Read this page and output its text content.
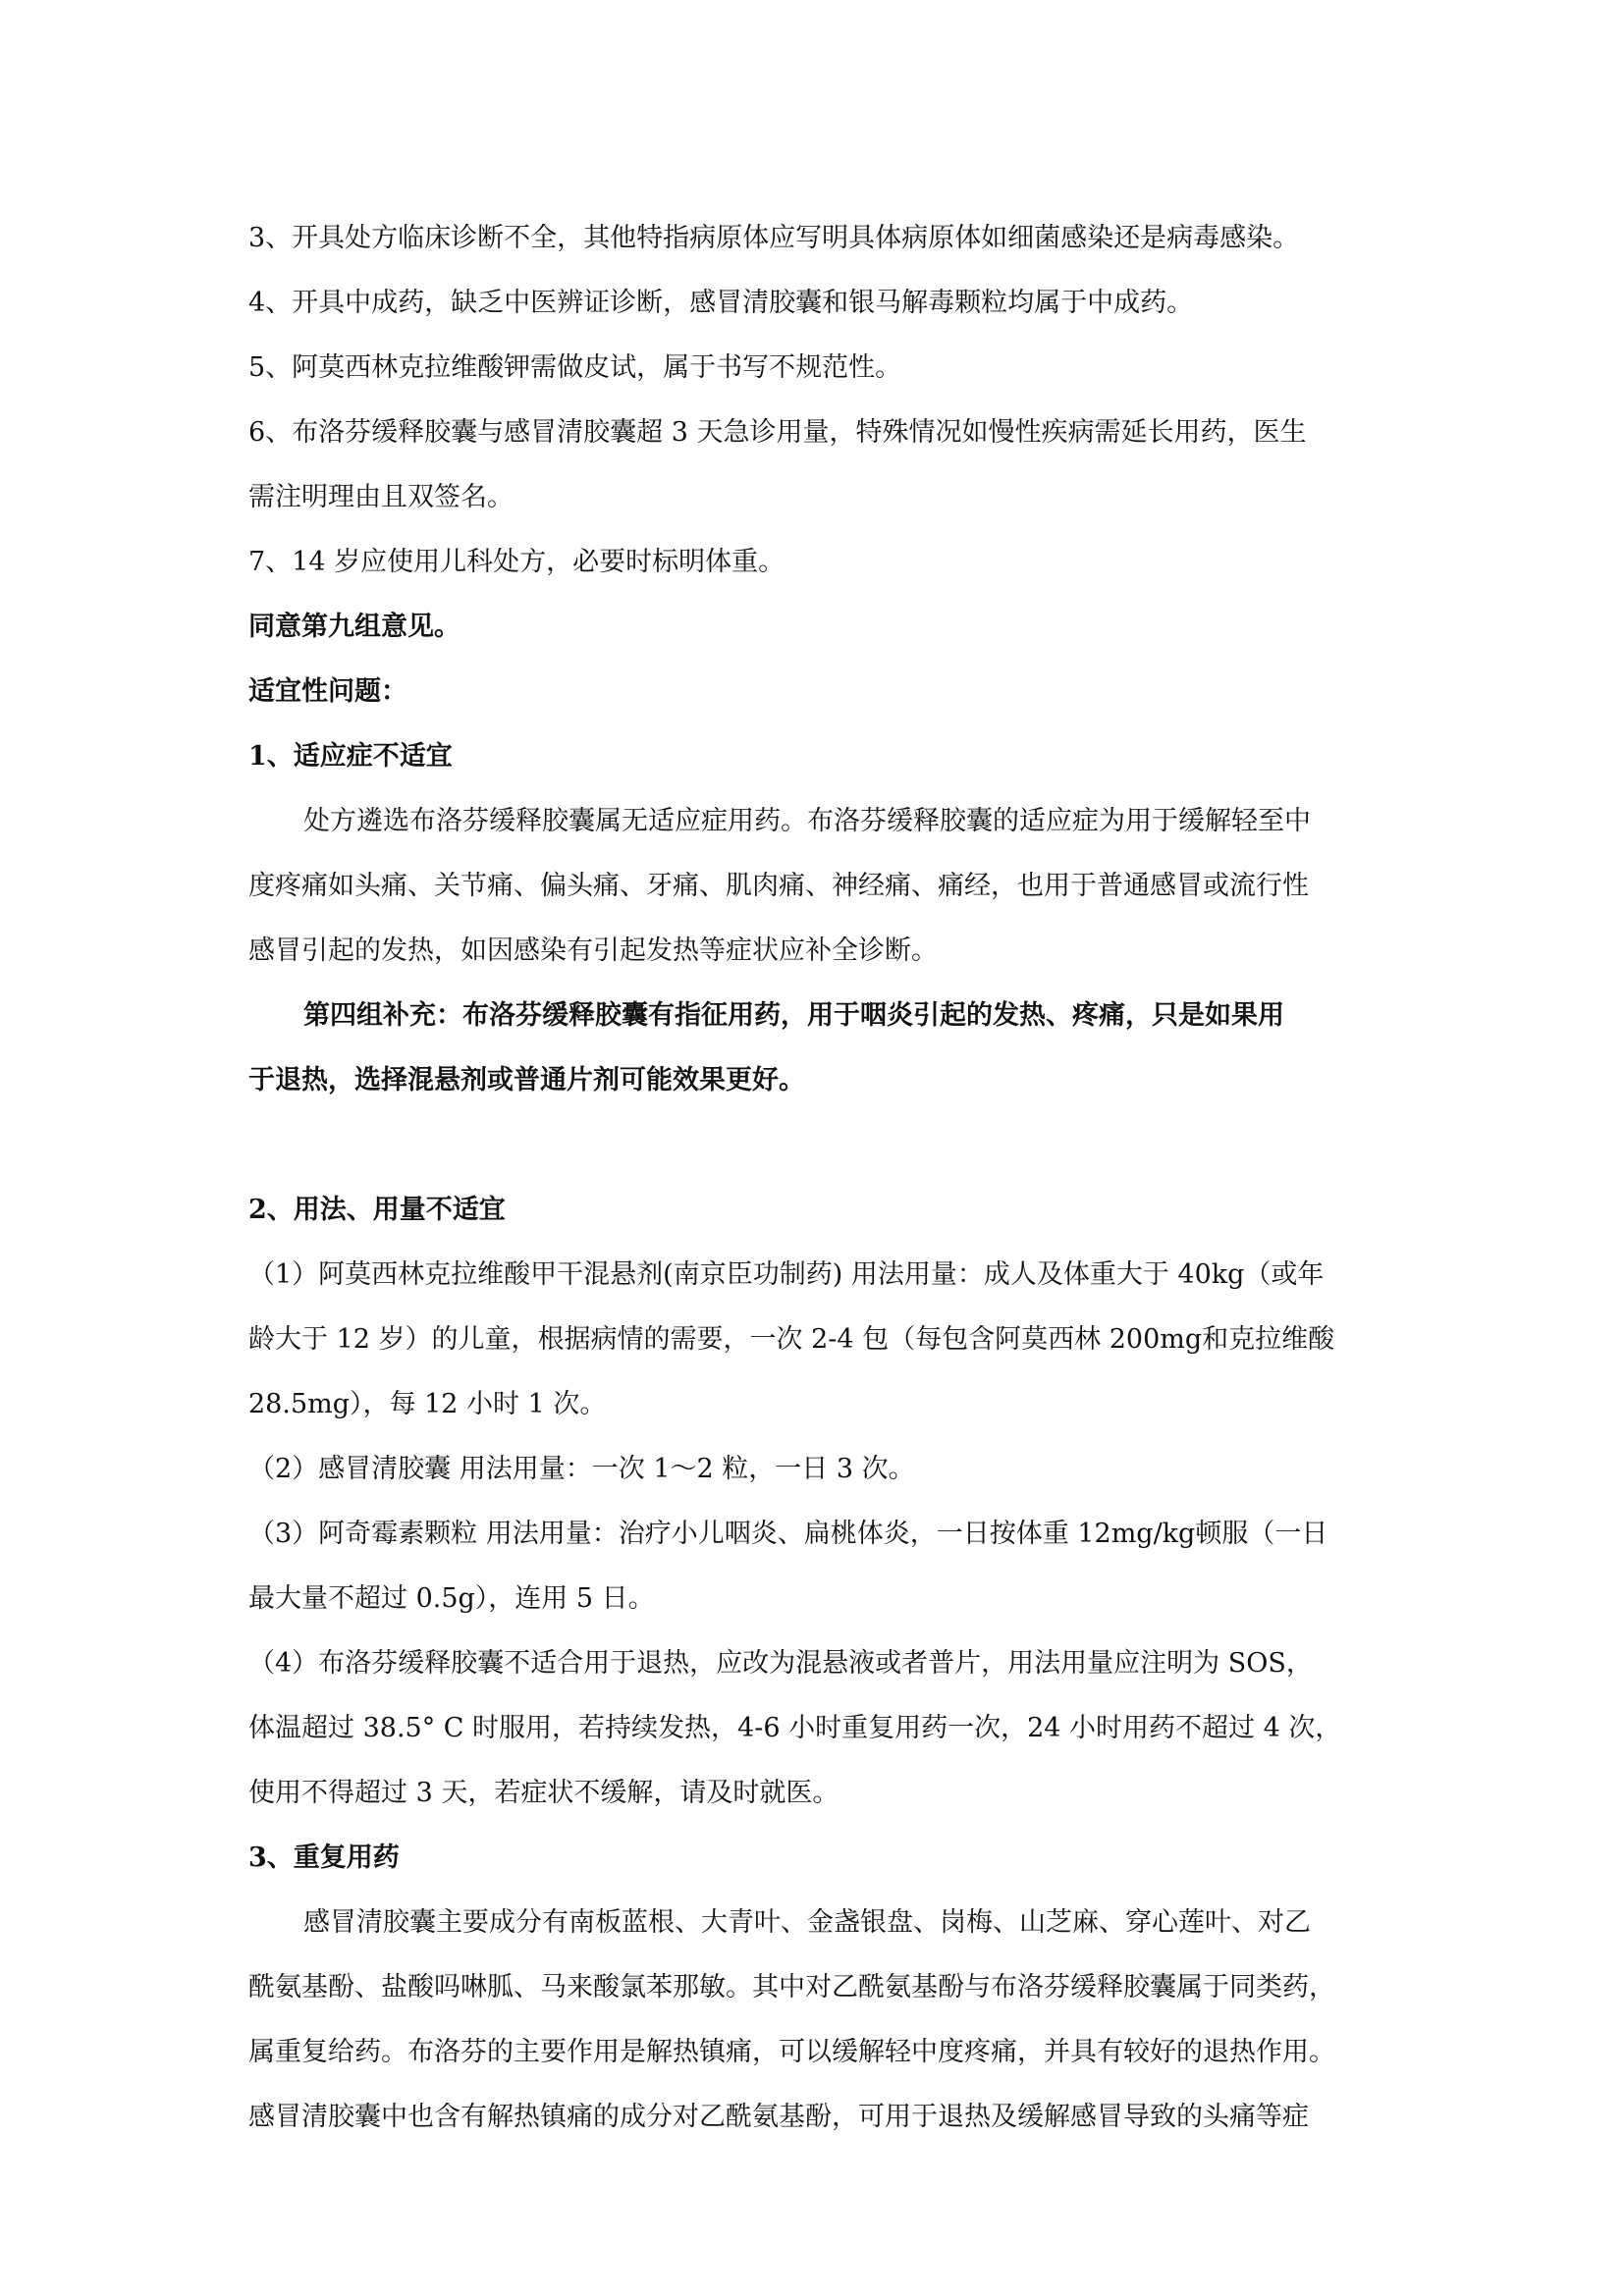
3、开具处方临床诊断不全，其他特指病原体应写明具体病原体如细菌感染还是病毒感染。

4、开具中成药，缺乏中医辨证诊断，感冒清胶囊和银马解毒颗粒均属于中成药。

5、阿莫西林克拉维酸钾需做皮试，属于书写不规范性。

6、布洛芬缓释胶囊与感冒清胶囊超 3 天急诊用量，特殊情况如慢性疾病需延长用药，医生

需注明理由且双签名。

7、14 岁应使用儿科处方，必要时标明体重。

同意第九组意见。

适宜性问题：

1、适应症不适宜

处方遴选布洛芬缓释胶囊属无适应症用药。布洛芬缓释胶囊的适应症为用于缓解轻至中

度疼痛如头痛、关节痛、偏头痛、牙痛、肌肉痛、神经痛、痛经，也用于普通感冒或流行性

感冒引起的发热，如因感染有引起发热等症状应补全诊断。

第四组补充：布洛芬缓释胶囊有指征用药，用于咽炎引起的发热、疼痛，只是如果用

于退热，选择混悬剂或普通片剂可能效果更好。

2、用法、用量不适宜

（1）阿莫西林克拉维酸甲干混悬剂(南京臣功制药) 用法用量：成人及体重大于 40kg（或年

龄大于 12 岁）的儿童，根据病情的需要，一次 2-4 包（每包含阿莫西林 200mg和克拉维酸

28.5mg），每 12 小时 1 次。

（2）感冒清胶囊 用法用量：一次 1～2 粒，一日 3 次。

（3）阿奇霉素颗粒 用法用量：治疗小儿咽炎、扁桃体炎，一日按体重 12mg/kg顿服（一日

最大量不超过 0.5g），连用 5 日。

（4）布洛芬缓释胶囊不适合用于退热，应改为混悬液或者普片，用法用量应注明为 SOS，

体温超过 38.5° C 时服用，若持续发热，4-6 小时重复用药一次，24 小时用药不超过 4 次，

使用不得超过 3 天，若症状不缓解，请及时就医。

3、重复用药

感冒清胶囊主要成分有南板蓝根、大青叶、金盏银盘、岗梅、山芝麻、穿心莲叶、对乙

酰氨基酚、盐酸吗啉胍、马来酸氯苯那敏。其中对乙酰氨基酚与布洛芬缓释胶囊属于同类药，

属重复给药。布洛芬的主要作用是解热镇痛，可以缓解轻中度疼痛，并具有较好的退热作用。

感冒清胶囊中也含有解热镇痛的成分对乙酰氨基酚，可用于退热及缓解感冒导致的头痛等症
